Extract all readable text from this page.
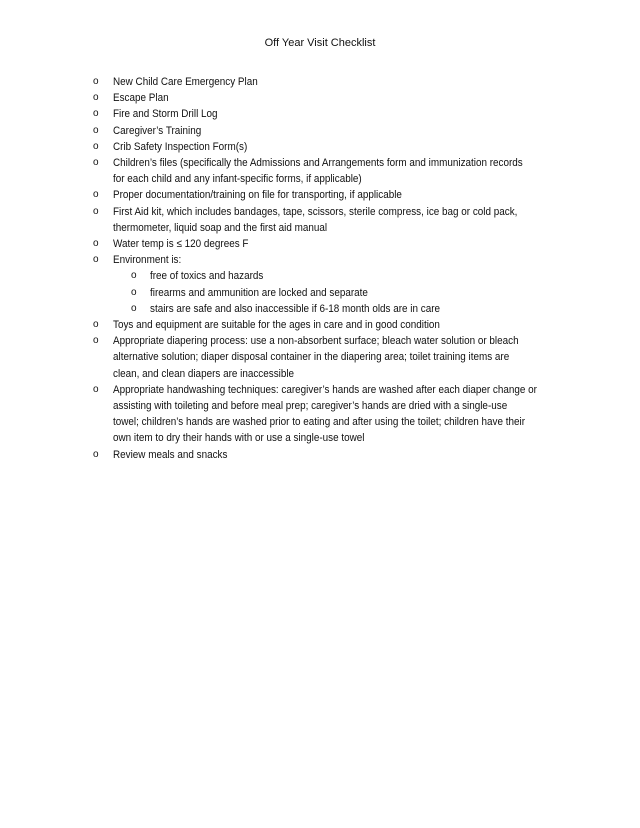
Off Year Visit Checklist
o New Child Care Emergency Plan
o Escape Plan
o Fire and Storm Drill Log
o Caregiver’s Training
o Crib Safety Inspection Form(s)
o Children’s files (specifically the Admissions and Arrangements form and immunization records
for each child and any infant-specific forms, if applicable)
o Proper documentation/training on file for transporting, if applicable
o First Aid kit, which includes bandages, tape, scissors, sterile compress, ice bag or cold pack,
thermometer, liquid soap and the first aid manual
o Water temp is ≤ 120 degrees F
o Environment is:
o free of toxics and hazards
o firearms and ammunition are locked and separate
o stairs are safe and also inaccessible if 6-18 month olds are in care
o Toys and equipment are suitable for the ages in care and in good condition
o Appropriate diapering process: use a non-absorbent surface; bleach water solution or bleach
alternative solution; diaper disposal container in the diapering area; toilet training items are
clean, and clean diapers are inaccessible
o Appropriate handwashing techniques: caregiver’s hands are washed after each diaper change or
assisting with toileting and before meal prep; caregiver’s hands are dried with a single-use
towel; children’s hands are washed prior to eating and after using the toilet; children have their
own item to dry their hands with or use a single-use towel
o Review meals and snacks
